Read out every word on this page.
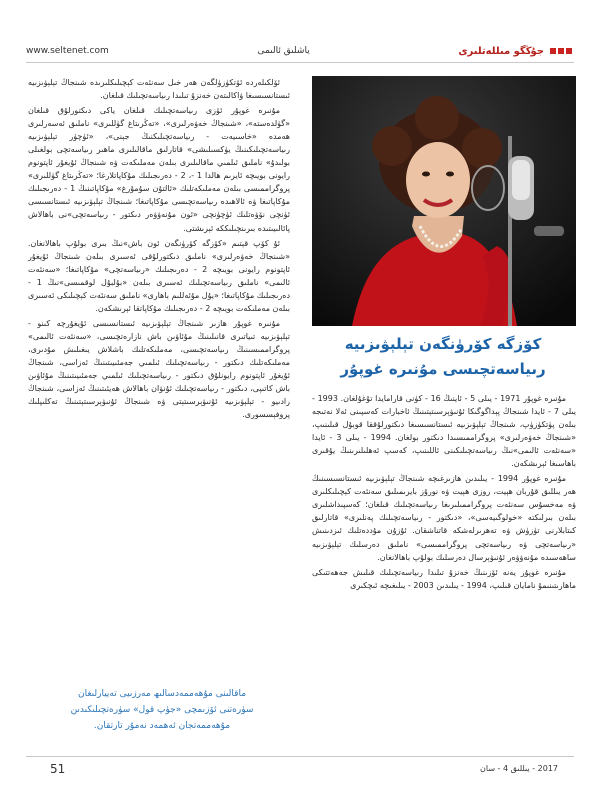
www.seltenet.com	ياشلىق ئالىمى	جۇڭگو مىللەتلىرى
كۆزگە كۆرۈنگەن تېلېۋىزىيە
رىياسەتچىسى مۇنىرە غوپۇر

ئۆلكىلەردە ئۆتكۈزۈلگەن ھەر خىل سەنئەت كېچىلىكلىرىدە شىنجاڭ تېلېۋىزىيە ئىستانسىسىغا ۋاكالىتەن خەنزۇ تىلىدا رىياسەتچىلىك قىلغان.

مۇنىرە غوپۇر ئۆزى رىياسەتچىلىك قىلغان ياكى دىكتورلۇق قىلغان «گۈلدەستە»، «شىنجاڭ خەۋەرلىرى»، «تەڭرىتاغ گۈللىرى» ناملىق ئەسەرلىرى ھەمدە «خاسىيەت - رىياسەتچىلىكنىڭ جېنى»، «ئۈچۈر تېلېۋىزىيە رىياسەتچىلىكىنىڭ يۈكسىلىشى» قاتارلىق ماقالىلىرى ماھىر رىياسەتچى بولغىلى بولىدۇ» ناملىق ئىلمىي ماقالىلىرى بىلەن مەملىكەت ۋە شىنجاڭ ئۇيغۇر ئاپتونوم رايونى بويىچە ئايرىم ھالدا 1 -، 2 - دەرىجىلىك مۇكاپاتلارغا؛ «تەڭرىتاغ گۈللىرى» پروگراممىسى بىلەن مەملىكەتلىك «ئالتۇن سۇمۇرغ» مۇكاپاتىنىڭ 1 - دەرىجىلىك مۇكاپاتىغا ۋە ئالاھىدە رىياسەتچىسى مۇكاپاتىغا؛ شىنجاڭ تېلېۋىزىيە ئىستانسىسى ئۈنچى نۆۋەتلىك ئۈچۈنچى «ئون مۇنەۋۋەر دىكتور - رىياسەتچى»نى باھالاش پائالىيىتىدە بىرىنچىلىككە ئېرىشتى.

ئۇ كۆپ قېتىم «كۆزگە كۆرۈنگەن ئون باش»نىڭ بىرى بولۇپ باھالانغان. «شىنجاڭ خەۋەرلىرى» ناملىق دىكتورلۇقى ئەسىرى بىلەن شىنجاڭ ئۇيغۇر ئاپتونوم رايونى بويىچە 2 - دەرىجىلىك «رىياسەتچى» مۇكاپاتىغا؛ «سەنئەت ئالىمى» ناملىق رىياسەتچىلىك ئەسىرى بىلەن «بۇلبۇل لوقمىسى»نىڭ 1 - دەرىجىلىك مۇكاپاتىغا؛ «يۇل مۇئەللىم باھارى» ناملىق سەنئەت كېچىلىكى ئەسىرى بىلەن مەملىكەت بويىچە 2 - دەرىجىلىك مۇكاپاتقا ئېرىشكەن.

مۇنىرە غوپۇر ھازىر شىنجاڭ تېلېۋىزىيە ئىستانسىسى ئۇيغۇرچە كىنو - تېلېۋىزىيە تىياتىرى قانىلىنىڭ مۇئاۋىن باش نازارەتچىسى، «سەنئەت ئالىمى» پروگراممىسىنىڭ رىياسەتچىسى، مەملىكەتلىك باشلاش يىغىلىش مۇدىرى، مەملىكەتلىك دىكتور - رىياسەتچىلىك ئىلمىي جەمئىيىتىنىڭ ئەزاسى، شىنجاڭ ئۇيغۇر ئاپتونوم رايونلۇق دىكتور - رىياسەتچىلىك ئىلمىي جەمئىيىتىنىڭ مۇئاۋىن باش كاتىپى، دىكتور - رىياسەتچىلىك ئۇنۋان باھالاش ھەيئىتىنىڭ ئەزاسى، شىنجاڭ رادىيو - تېلېۋىزىيە ئۇنىۋېرسىتېتى ۋە شىنجاڭ ئۇنىۋېرسىتېتىنىڭ تەكلىپلىك پروفېسسورى.

مۇنىرە غوپۇر 1971 - يىلى 5 - ئاينىڭ 16 - كۈنى قارامايدا تۇغۇلغان. 1993 - يىلى 7 - ئايدا شىنجاڭ پېداگوگىكا ئۇنىۋېرسىتېتىنىڭ ئاخبارات كەسپىنى ئەلا نەتىجە بىلەن پۈتكۈزۈپ، شىنجاڭ تېلېۋىزىيە ئىستانسىسىغا دىكتورلۇققا قوبۇل قىلىنىپ، «شىنجاڭ خەۋەرلىرى» پروگراممىسىدا دىكتور بولغان. 1994 - يىلى 3 - ئايدا «سەنئەت ئالىمى»نىڭ رىياسەتچىلىكىنى ئاللىنىپ، كەسپ ئەھلىلىرىنىڭ يۇقىرى باھاسىغا ئېرىشكەن.

مۇنىرە غوپۇر 1994 - يىلىدىن ھازىرغىچە شىنجاڭ تېلېۋىزىيە ئىستانسىسىنىڭ ھەر يىللىق قۇربان ھېيت، روزى ھېيت ۋە نورۇز بايرىمىلىق سەنئەت كېچىلىكلىرى ۋە مەخسۇس سەنئەت پروگراممىلىرىغا رىياسەتچىلىك قىلغان؛ كەسپىداشلىرى بىلەن بىرلىكتە «خولوگىيەسى»، «دىكتور - رىياسەتچىلىك پەنلىرى» قاتارلىق كىتابلارنى تۈزۈش ۋە تەھرىرلەشكە قاتناشقان. ئۇزۇن مۇددەتلىك ئىزدىنىش «رىياسەتچى ۋە رىياسەتچى پروگراممىسى» ناملىق دەرسلىك تېلېۋىزىيە ساھەسىدە مۇنەۋۋەر ئۇنىۋېرسال دەرسلىك بولۇپ باھالانغان.

مۇنىرە غوپۇر يەنە ئۆزىنىڭ خەنزۇ تىلىدا رىياسەتچىلىك قىلىش جەھەتتىكى ماھارىتىنىمۇ نامايان قىلىپ، 1994 - يىلىدىن 2003 - يىلىغىچە ئىچكىرى

ماقالىنى مۇھەممەدسالىھ مەرزىيى تەييارلىغان
سۈرەتنى ئۆزىمچى «جۈپ قول» سۈرەتچىلىكىدىن
مۇھەممەتجان ئەھمەد نەمۇر تارتقان.
51	2017 - يىللىق 4 - سان
